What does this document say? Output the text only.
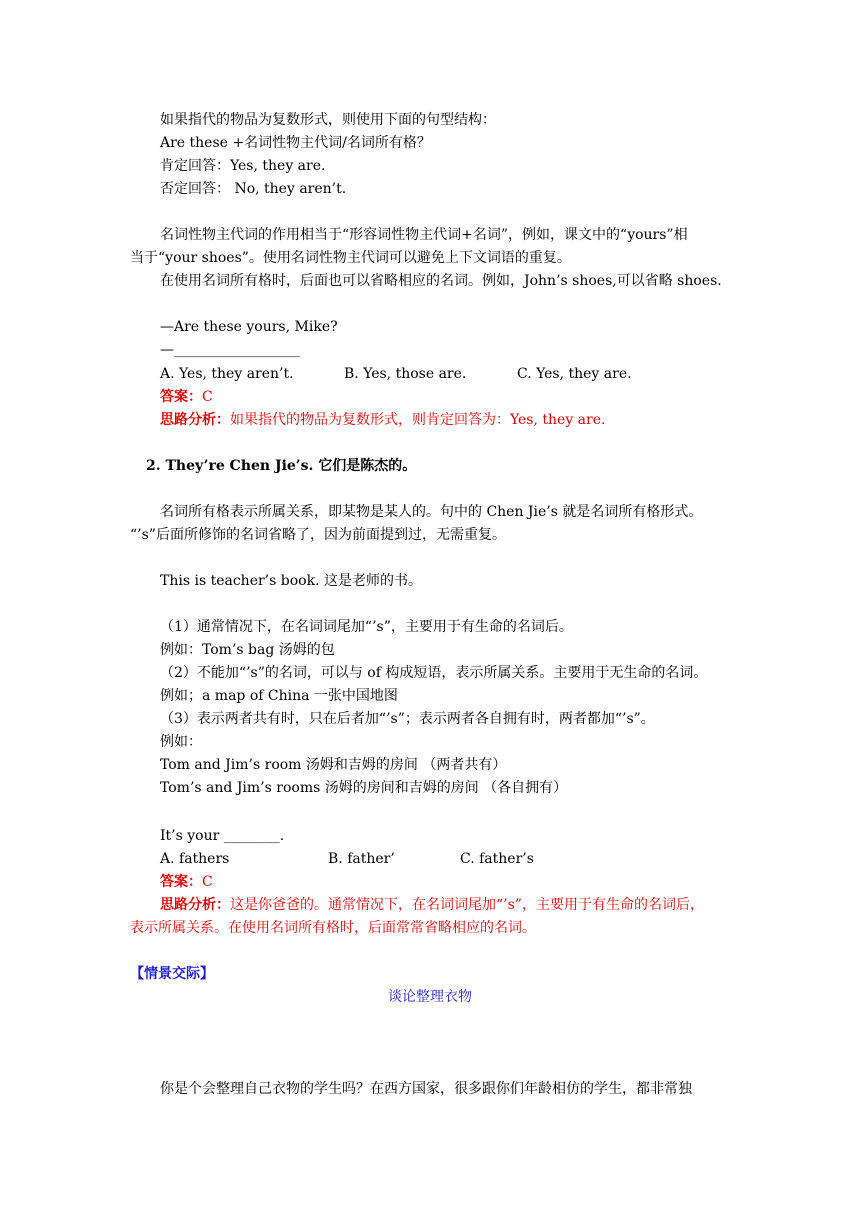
如果指代的物品为复数形式，则使用下面的句型结构：
Are these +名词性物主代词/名词所有格？
肯定回答：Yes, they are.
否定回答： No, they aren’t.
名词性物主代词的作用相当于“形容词性物主代词+名词”，例如，课文中的“yours”相
当于“your shoes”。使用名词性物主代词可以避免上下文词语的重复。
在使用名词所有格时，后面也可以省略相应的名词。例如，John’s shoes,可以省略 shoes.
—Are these yours, Mike?
—__________________
A. Yes, they aren’t.	B. Yes, those are.	C. Yes, they are.
答案：C
思路分析：如果指代的物品为复数形式，则肯定回答为：Yes, they are.
2. They’re Chen Jie’s. 它们是陈杰的。
名词所有格表示所属关系，即某物是某人的。句中的 Chen Jie’s 就是名词所有格形式。
“’s”后面所修饰的名词省略了，因为前面提到过，无需重复。
This is teacher’s book. 这是老师的书。
（1）通常情况下，在名词词尾加“’s”，主要用于有生命的名词后。
例如：Tom’s bag 汤姆的包
（2）不能加“’s”的名词，可以与 of 构成短语，表示所属关系。主要用于无生命的名词。
例如；a map of China 一张中国地图
（3）表示两者共有时，只在后者加“’s”；表示两者各自拥有时，两者都加“’s”。
例如：
Tom and Jim’s room 汤姆和吉姆的房间 （两者共有）
Tom’s and Jim’s rooms 汤姆的房间和吉姆的房间 （各自拥有）
It’s your ________.
A. fathers	B. father’	C. father’s
答案：C
思路分析：这是你爸爸的。通常情况下，在名词词尾加“’s”，主要用于有生命的名词后，
表示所属关系。在使用名词所有格时，后面常常省略相应的名词。
【情景交际】
谈论整理衣物
你是个会整理自己衣物的学生吗？在西方国家，很多跟你们年龄相仿的学生，都非常独
